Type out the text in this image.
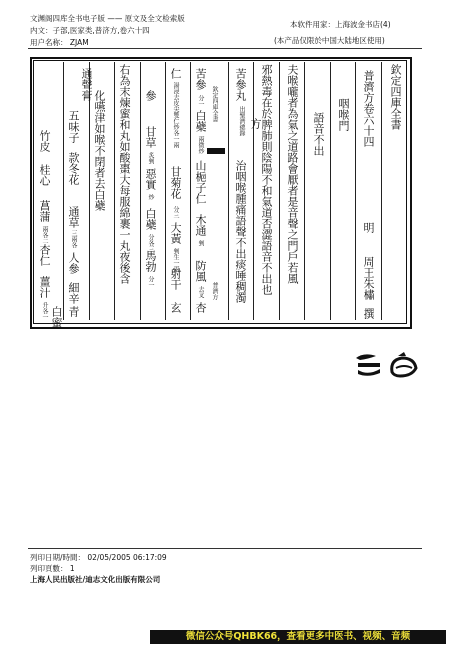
文渊阁四库全书电子版 —— 原文及全文检索版
内文：子部,医家类,普济方,卷六十四
用户名称： ZJAM
本软件用家：上海波金书店(4)
(本产品仅限於中国大陆地区使用)
欽定四庫全書
普濟方卷六十四
明
周王朱橚撰
咽喉門
語音不出
夫喉嚨者為氣之道路會厭者是音聲之門戶若風
邪熱毒在於脾肺則陰陽不和氣道否澀語音不出也
方
苦參丸
出聖濟總錄
治咽喉腫痛語聲不出痰唾稠濁
欽定四庫全書
普濟方
苦參
分一
白蘗
兩微炒
山梔子仁
木通
剉
防風
去叉
杏
仁
湯浸去皮尖雙仁炒各一兩
甘菊花
分三
大黃
剉生一兩
射干
玄
參
甘草
炙剉
惡實
炒
白蘗
分各三
馬勃
分一
右為末煉蜜和丸如酸棗大每服綿裹一丸夜後含
化嚥津如喉不閉者去白蘗
通聲膏
五味子
款冬花
通草
三兩各
人參
細辛
青
竹皮
桂心
菖蒲
兩各二
杏仁
薑汁
升各一 白蜜
列印日期/時間： 02/05/2005 06:17:09
列印頁數： 1
上海人民出版社/迪志文化出版有限公司
微信公众号QHBK66，查看更多中医书、视频、音频
